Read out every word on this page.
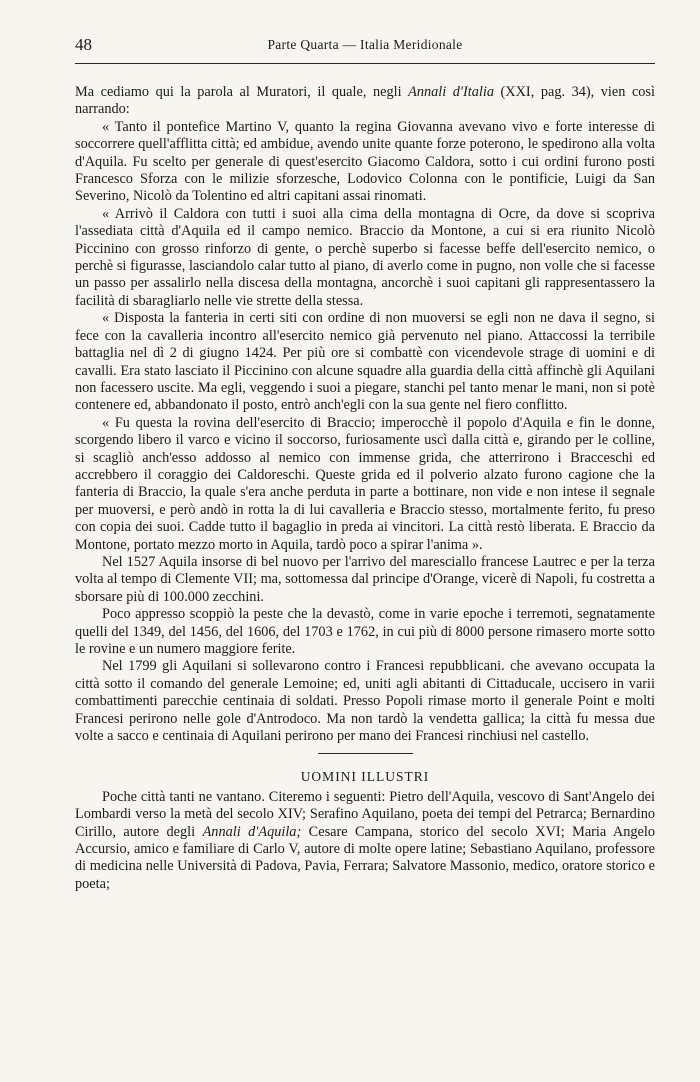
48	Parte Quarta — Italia Meridionale

Ma cediamo qui la parola al Muratori, il quale, negli Annali d'Italia (XXI, pag. 34), vien così narrando:

« Tanto il pontefice Martino V, quanto la regina Giovanna avevano vivo e forte interesse di soccorrere quell'afflitta città; ed ambidue, avendo unite quante forze poterono, le spedirono alla volta d'Aquila. Fu scelto per generale di quest'esercito Giacomo Caldora, sotto i cui ordini furono posti Francesco Sforza con le milizie sforzesche, Lodovico Colonna con le pontificie, Luigi da San Severino, Nicolò da Tolentino ed altri capitani assai rinomati.

« Arrivò il Caldora con tutti i suoi alla cima della montagna di Ocre, da dove si scopriva l'assediata città d'Aquila ed il campo nemico. Braccio da Montone, a cui si era riunito Nicolò Piccinino con grosso rinforzo di gente, o perchè superbo si facesse beffe dell'esercito nemico, o perchè si figurasse, lasciandolo calar tutto al piano, di averlo come in pugno, non volle che si facesse un passo per assalirlo nella discesa della montagna, ancorchè i suoi capitani gli rappresentassero la facilità di sbaragliarlo nelle vie strette della stessa.

« Disposta la fanteria in certi siti con ordine di non muoversi se egli non ne dava il segno, si fece con la cavalleria incontro all'esercito nemico già pervenuto nel piano. Attaccossi la terribile battaglia nel dì 2 di giugno 1424. Per più ore si combattè con vicendevole strage di uomini e di cavalli. Era stato lasciato il Piccinino con alcune squadre alla guardia della città affinchè gli Aquilani non facessero uscite. Ma egli, veggendo i suoi a piegare, stanchi pel tanto menar le mani, non si potè contenere ed, abbandonato il posto, entrò anch'egli con la sua gente nel fiero conflitto.

« Fu questa la rovina dell'esercito di Braccio; imperocchè il popolo d'Aquila e fin le donne, scorgendo libero il varco e vicino il soccorso, furiosamente uscì dalla città e, girando per le colline, si scagliò anch'esso addosso al nemico con immense grida, che atterrirono i Bracceschi ed accrebbero il coraggio dei Caldoreschi. Queste grida ed il polverio alzato furono cagione che la fanteria di Braccio, la quale s'era anche perduta in parte a bottinare, non vide e non intese il segnale per muoversi, e però andò in rotta la di lui cavalleria e Braccio stesso, mortalmente ferito, fu preso con copia dei suoi. Cadde tutto il bagaglio in preda ai vincitori. La città restò liberata. E Braccio da Montone, portato mezzo morto in Aquila, tardò poco a spirar l'anima ».

Nel 1527 Aquila insorse di bel nuovo per l'arrivo del maresciallo francese Lautrec e per la terza volta al tempo di Clemente VII; ma, sottomessa dal principe d'Orange, vicerè di Napoli, fu costretta a sborsare più di 100.000 zecchini.

Poco appresso scoppiò la peste che la devastò, come in varie epoche i terremoti, segnatamente quelli del 1349, del 1456, del 1606, del 1703 e 1762, in cui più di 8000 persone rimasero morte sotto le rovine e un numero maggiore ferite.

Nel 1799 gli Aquilani si sollevarono contro i Francesi repubblicani. che avevano occupata la città sotto il comando del generale Lemoine; ed, uniti agli abitanti di Cittaducale, uccisero in varii combattimenti parecchie centinaia di soldati. Presso Popoli rimase morto il generale Point e molti Francesi perirono nelle gole d'Antrodoco. Ma non tardò la vendetta gallica; la città fu messa due volte a sacco e centinaia di Aquilani perirono per mano dei Francesi rinchiusi nel castello.

UOMINI ILLUSTRI

Poche città tanti ne vantano. Citeremo i seguenti: Pietro dell'Aquila, vescovo di Sant'Angelo dei Lombardi verso la metà del secolo XIV; Serafino Aquilano, poeta dei tempi del Petrarca; Bernardino Cirillo, autore degli Annali d'Aquila; Cesare Campana, storico del secolo XVI; Maria Angelo Accursio, amico e familiare di Carlo V, autore di molte opere latine; Sebastiano Aquilano, professore di medicina nelle Università di Padova, Pavia, Ferrara; Salvatore Massonio, medico, oratore storico e poeta;
